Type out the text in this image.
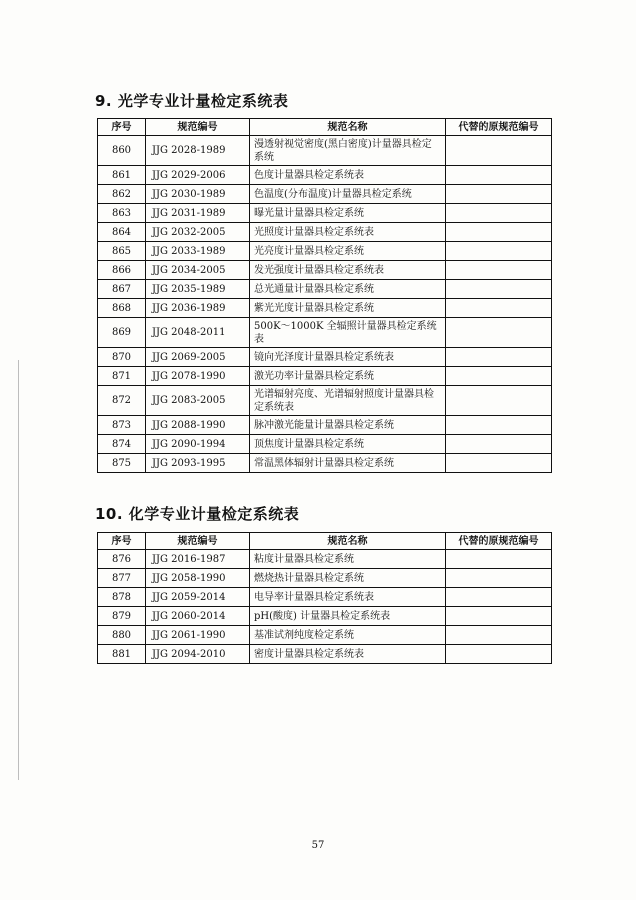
9. 光学专业计量检定系统表
序号	规范编号	规范名称	代替的原规范编号
860	JJG 2028-1989	漫透射视觉密度(黑白密度)计量器具检定系统	
861	JJG 2029-2006	色度计量器具检定系统表	
862	JJG 2030-1989	色温度(分布温度)计量器具检定系统	
863	JJG 2031-1989	曝光量计量器具检定系统	
864	JJG 2032-2005	光照度计量器具检定系统表	
865	JJG 2033-1989	光亮度计量器具检定系统	
866	JJG 2034-2005	发光强度计量器具检定系统表	
867	JJG 2035-1989	总光通量计量器具检定系统	
868	JJG 2036-1989	紫光光度计量器具检定系统	
869	JJG 2048-2011	500K～1000K 全辐照计量器具检定系统表	
870	JJG 2069-2005	镜向光泽度计量器具检定系统表	
871	JJG 2078-1990	激光功率计量器具检定系统	
872	JJG 2083-2005	光谱辐射亮度、光谱辐射照度计量器具检定系统表	
873	JJG 2088-1990	脉冲激光能量计量器具检定系统	
874	JJG 2090-1994	顶焦度计量器具检定系统	
875	JJG 2093-1995	常温黑体辐射计量器具检定系统	
10. 化学专业计量检定系统表
序号	规范编号	规范名称	代替的原规范编号
876	JJG 2016-1987	粘度计量器具检定系统	
877	JJG 2058-1990	燃烧热计量器具检定系统	
878	JJG 2059-2014	电导率计量器具检定系统表	
879	JJG 2060-2014	pH(酸度) 计量器具检定系统表	
880	JJG 2061-1990	基准试剂纯度检定系统	
881	JJG 2094-2010	密度计量器具检定系统表	
57
